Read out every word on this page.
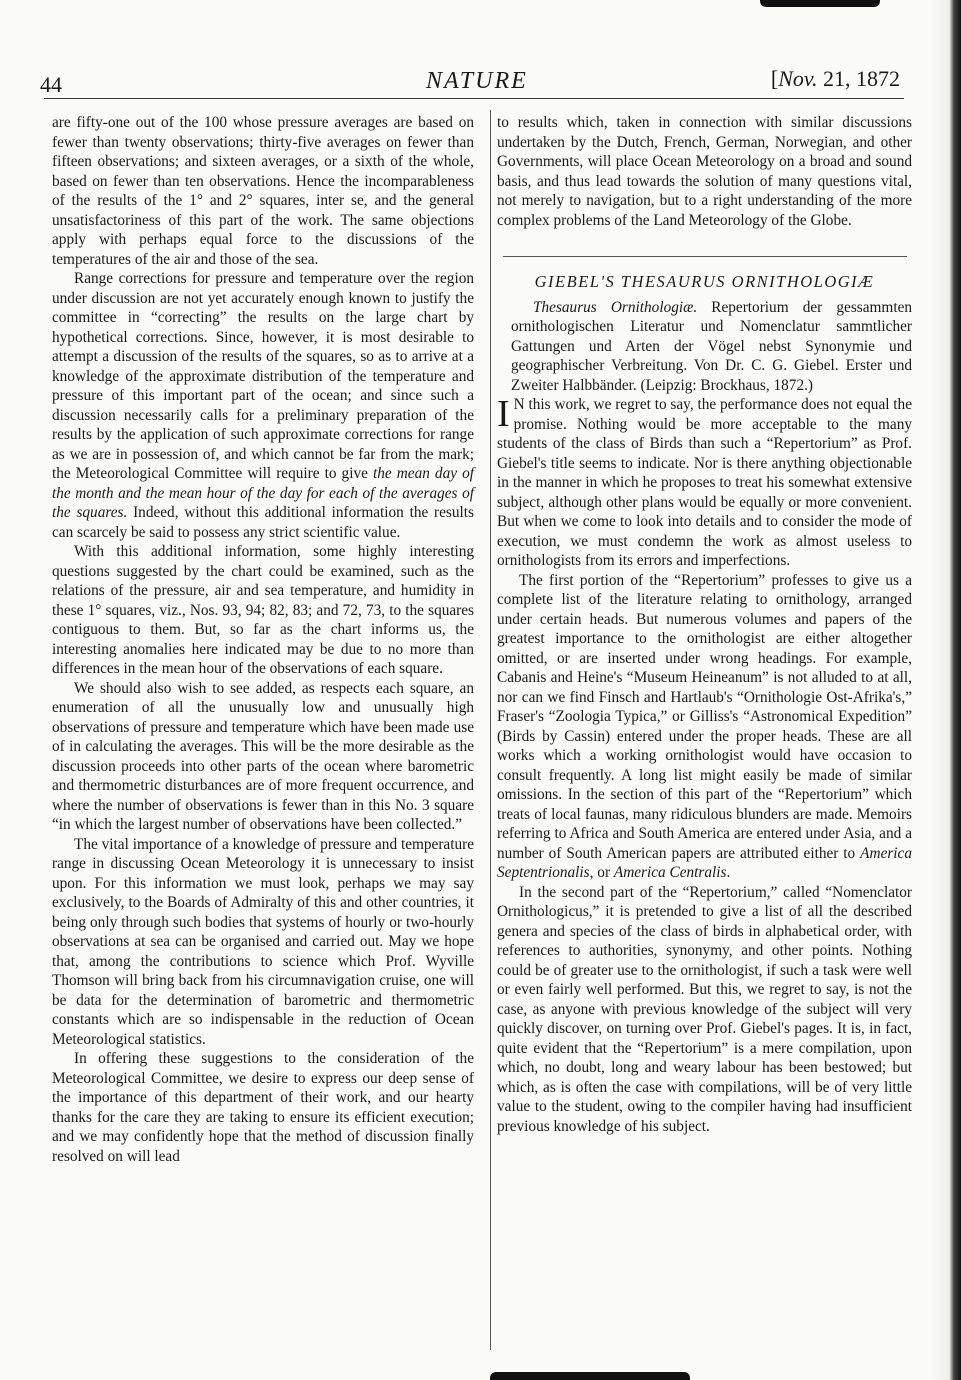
44	NATURE	[Nov. 21, 1872

are fifty-one out of the 100 whose pressure averages are based on fewer than twenty observations; thirty-five averages on fewer than fifteen observations; and sixteen averages, or a sixth of the whole, based on fewer than ten observations. Hence the incomparableness of the results of the 1° and 2° squares, inter se, and the general unsatisfactoriness of this part of the work. The same objections apply with perhaps equal force to the discussions of the temperatures of the air and those of the sea.

Range corrections for pressure and temperature over the region under discussion are not yet accurately enough known to justify the committee in “correcting” the results on the large chart by hypothetical corrections. Since, however, it is most desirable to attempt a discussion of the results of the squares, so as to arrive at a knowledge of the approximate distribution of the temperature and pressure of this important part of the ocean; and since such a discussion necessarily calls for a preliminary preparation of the results by the application of such approximate corrections for range as we are in possession of, and which cannot be far from the mark; the Meteorological Committee will require to give the mean day of the month and the mean hour of the day for each of the averages of the squares. Indeed, without this additional information the results can scarcely be said to possess any strict scientific value.

With this additional information, some highly interesting questions suggested by the chart could be examined, such as the relations of the pressure, air and sea temperature, and humidity in these 1° squares, viz., Nos. 93, 94; 82, 83; and 72, 73, to the squares contiguous to them. But, so far as the chart informs us, the interesting anomalies here indicated may be due to no more than differences in the mean hour of the observations of each square.

We should also wish to see added, as respects each square, an enumeration of all the unusually low and unusually high observations of pressure and temperature which have been made use of in calculating the averages. This will be the more desirable as the discussion proceeds into other parts of the ocean where barometric and thermometric disturbances are of more frequent occurrence, and where the number of observations is fewer than in this No. 3 square “in which the largest number of observations have been collected.”

The vital importance of a knowledge of pressure and temperature range in discussing Ocean Meteorology it is unnecessary to insist upon. For this information we must look, perhaps we may say exclusively, to the Boards of Admiralty of this and other countries, it being only through such bodies that systems of hourly or two-hourly observations at sea can be organised and carried out. May we hope that, among the contributions to science which Prof. Wyville Thomson will bring back from his circumnavigation cruise, one will be data for the determination of barometric and thermometric constants which are so indispensable in the reduction of Ocean Meteorological statistics.

In offering these suggestions to the consideration of the Meteorological Committee, we desire to express our deep sense of the importance of this department of their work, and our hearty thanks for the care they are taking to ensure its efficient execution; and we may confidently hope that the method of discussion finally resolved on will lead

to results which, taken in connection with similar discussions undertaken by the Dutch, French, German, Norwegian, and other Governments, will place Ocean Meteorology on a broad and sound basis, and thus lead towards the solution of many questions vital, not merely to navigation, but to a right understanding of the more complex problems of the Land Meteorology of the Globe.

GIEBEL'S THESAURUS ORNITHOLOGIÆ

Thesaurus Ornithologiæ. Repertorium der gessammten ornithologischen Literatur und Nomenclatur sammtlicher Gattungen und Arten der Vögel nebst Synonymie und geographischer Verbreitung. Von Dr. C. G. Giebel. Erster und Zweiter Halbbänder. (Leipzig: Brockhaus, 1872.)

I N this work, we regret to say, the performance does not equal the promise. Nothing would be more acceptable to the many students of the class of Birds than such a “Repertorium” as Prof. Giebel's title seems to indicate. Nor is there anything objectionable in the manner in which he proposes to treat his somewhat extensive subject, although other plans would be equally or more convenient. But when we come to look into details and to consider the mode of execution, we must condemn the work as almost useless to ornithologists from its errors and imperfections.

The first portion of the “Repertorium” professes to give us a complete list of the literature relating to ornithology, arranged under certain heads. But numerous volumes and papers of the greatest importance to the ornithologist are either altogether omitted, or are inserted under wrong headings. For example, Cabanis and Heine's “Museum Heineanum” is not alluded to at all, nor can we find Finsch and Hartlaub's “Ornithologie Ost-Afrika's,” Fraser's “Zoologia Typica,” or Gilliss's “Astronomical Expedition” (Birds by Cassin) entered under the proper heads. These are all works which a working ornithologist would have occasion to consult frequently. A long list might easily be made of similar omissions. In the section of this part of the “Repertorium” which treats of local faunas, many ridiculous blunders are made. Memoirs referring to Africa and South America are entered under Asia, and a number of South American papers are attributed either to America Septentrionalis, or America Centralis.

In the second part of the “Repertorium,” called “Nomenclator Ornithologicus,” it is pretended to give a list of all the described genera and species of the class of birds in alphabetical order, with references to authorities, synonymy, and other points. Nothing could be of greater use to the ornithologist, if such a task were well or even fairly well performed. But this, we regret to say, is not the case, as anyone with previous knowledge of the subject will very quickly discover, on turning over Prof. Giebel's pages. It is, in fact, quite evident that the “Repertorium” is a mere compilation, upon which, no doubt, long and weary labour has been bestowed; but which, as is often the case with compilations, will be of very little value to the student, owing to the compiler having had insufficient previous knowledge of his subject.
